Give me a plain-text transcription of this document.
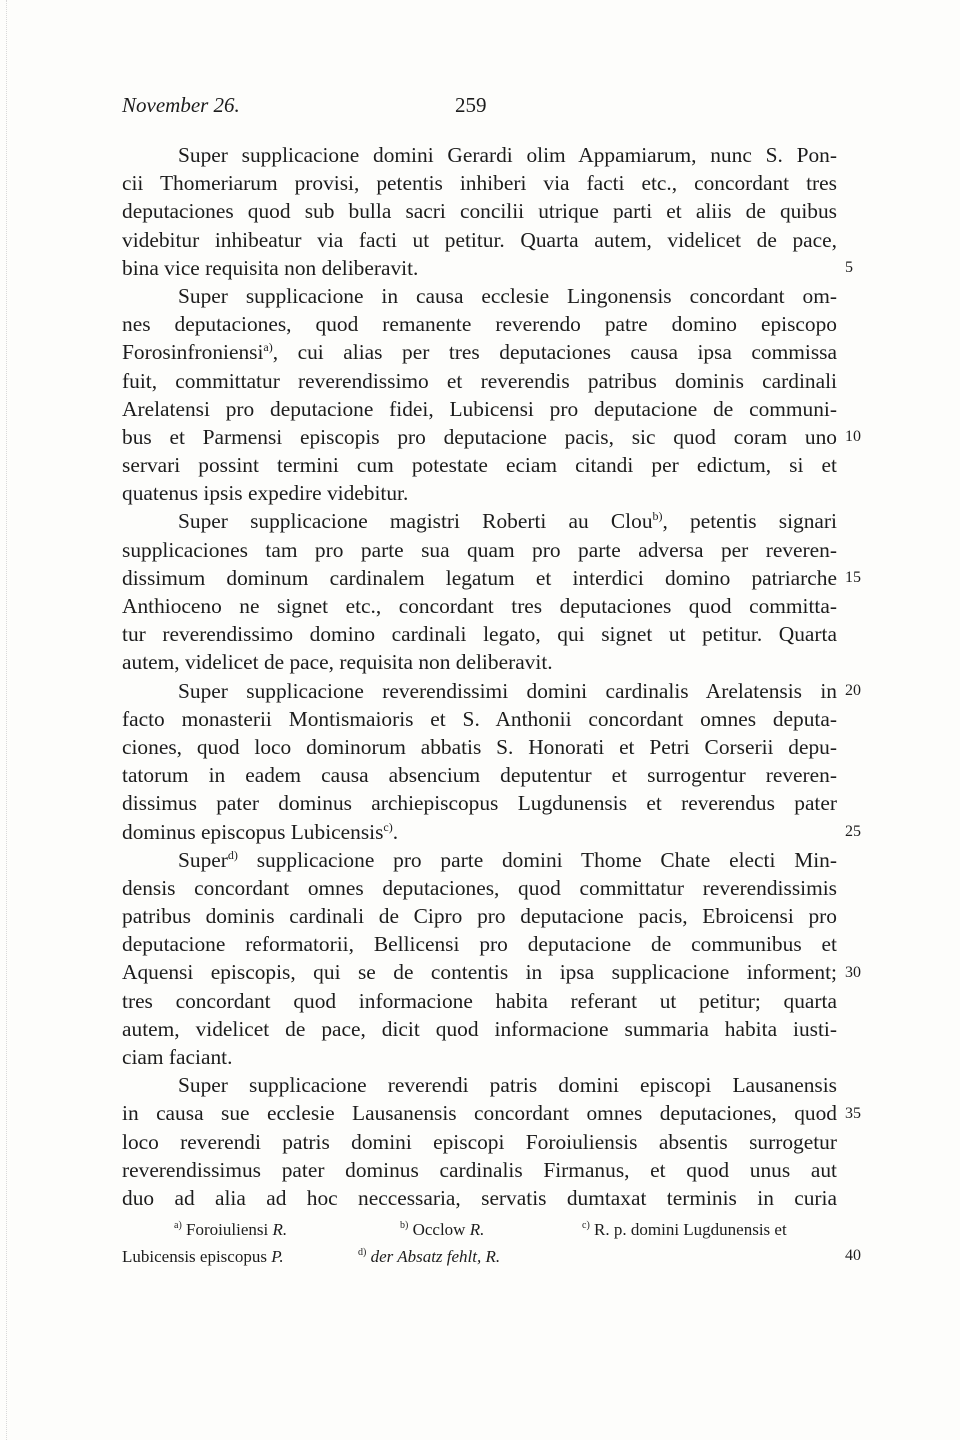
November 26.	259
Super supplicacione domini Gerardi olim Appamiarum, nunc S. Pon-
cii Thomeriarum provisi, petentis inhiberi via facti etc., concordant tres
deputaciones quod sub bulla sacri concilii utrique parti et aliis de quibus
videbitur inhibeatur via facti ut petitur. Quarta autem, videlicet de pace,
bina vice requisita non deliberavit.
Super supplicacione in causa ecclesie Lingonensis concordant om-
nes deputaciones, quod remanente reverendo patre domino episcopo
Forosinfroniensi$^{a)}$, cui alias per tres deputaciones causa ipsa commissa
fuit, committatur reverendissimo et reverendis patribus dominis cardinali
Arelatensi pro deputacione fidei, Lubicensi pro deputacione de communi-
bus et Parmensi episcopis pro deputacione pacis, sic quod coram uno
servari possint termini cum potestate eciam citandi per edictum, si et
quatenus ipsis expedire videbitur.
Super supplicacione magistri Roberti au Clou$^{b)}$, petentis signari
supplicaciones tam pro parte sua quam pro parte adversa per reveren-
dissimum dominum cardinalem legatum et interdici domino patriarche
Anthioceno ne signet etc., concordant tres deputaciones quod committa-
tur reverendissimo domino cardinali legato, qui signet ut petitur. Quarta
autem, videlicet de pace, requisita non deliberavit.
Super supplicacione reverendissimi domini cardinalis Arelatensis in
facto monasterii Montismaioris et S. Anthonii concordant omnes deputa-
ciones, quod loco dominorum abbatis S. Honorati et Petri Corserii depu-
tatorum in eadem causa absencium deputentur et surrogentur reveren-
dissimus pater dominus archiepiscopus Lugdunensis et reverendus pater
dominus episcopus Lubicensis$^{c)}$.
Super$^{d)}$ supplicacione pro parte domini Thome Chate electi Min-
densis concordant omnes deputaciones, quod committatur reverendissimis
patribus dominis cardinali de Cipro pro deputacione pacis, Ebroicensi pro
deputacione reformatorii, Bellicensi pro deputacione de communibus et
Aquensi episcopis, qui se de contentis in ipsa supplicacione informent;
tres concordant quod informacione habita referant ut petitur; quarta
autem, videlicet de pace, dicit quod informacione summaria habita iusti-
ciam faciant.
Super supplicacione reverendi patris domini episcopi Lausanensis
in causa sue ecclesie Lausanensis concordant omnes deputaciones, quod
loco reverendi patris domini episcopi Foroiuliensis absentis surrogetur
reverendissimus pater dominus cardinalis Firmanus, et quod unus aut
duo ad alia ad hoc neccessaria, servatis dumtaxat terminis in curia
5
10
15
20
25
30
35
40
$^{a)}$ Foroiuliensi R.	$^{b)}$ Occlow R.	$^{c)}$ R. p. domini Lugdunensis et
Lubicensis episcopus P.	$^{d)}$ der Absatz fehlt, R.
